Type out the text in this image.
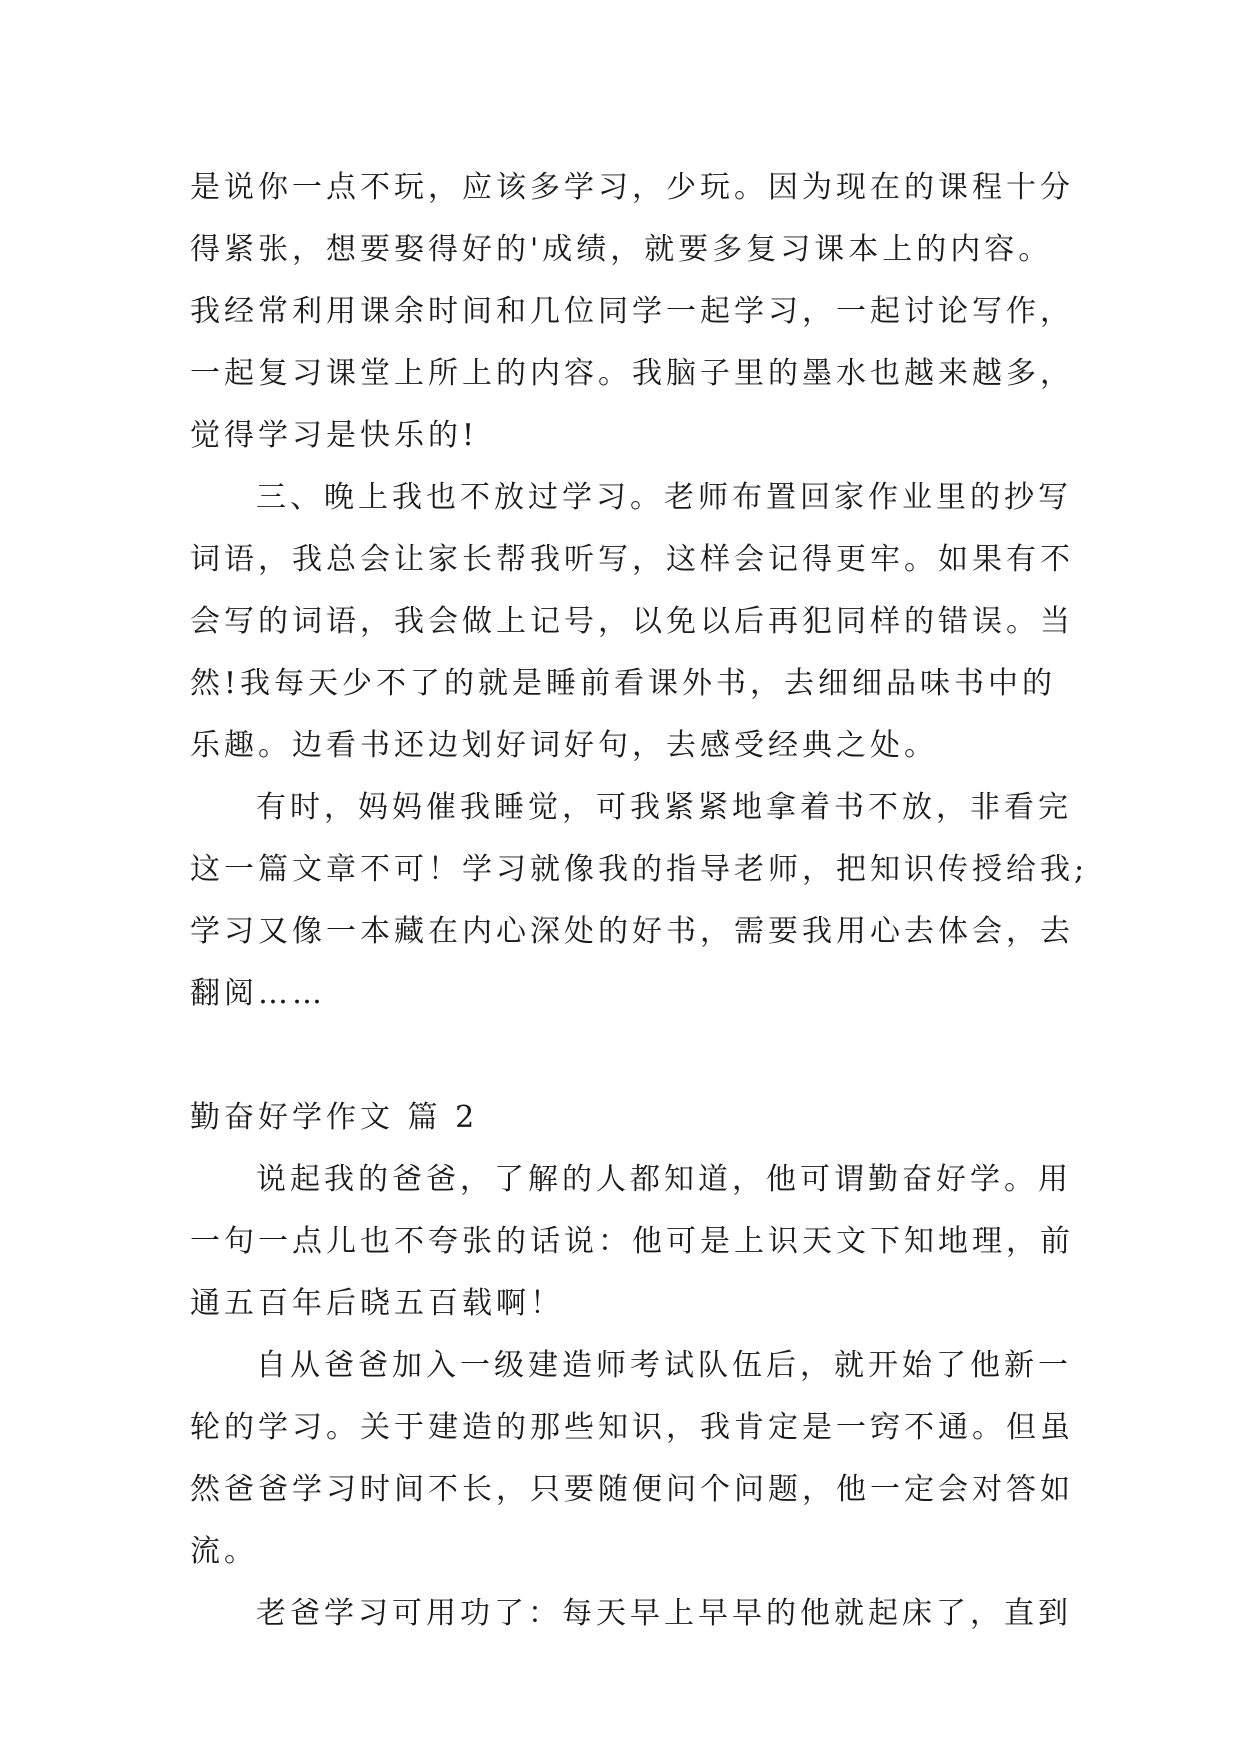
是说你一点不玩，应该多学习，少玩。因为现在的课程十分

得紧张，想要娶得好的'成绩，就要多复习课本上的内容。

我经常利用课余时间和几位同学一起学习，一起讨论写作，

一起复习课堂上所上的内容。我脑子里的墨水也越来越多，

觉得学习是快乐的!

三、晚上我也不放过学习。老师布置回家作业里的抄写

词语，我总会让家长帮我听写，这样会记得更牢。如果有不

会写的词语，我会做上记号，以免以后再犯同样的错误。当

然!我每天少不了的就是睡前看课外书，去细细品味书中的

乐趣。边看书还边划好词好句，去感受经典之处。

有时，妈妈催我睡觉，可我紧紧地拿着书不放，非看完

这一篇文章不可！学习就像我的指导老师，把知识传授给我;

学习又像一本藏在内心深处的好书，需要我用心去体会，去

翻阅……

勤奋好学作文 篇 2

说起我的爸爸，了解的人都知道，他可谓勤奋好学。用

一句一点儿也不夸张的话说：他可是上识天文下知地理，前

通五百年后晓五百载啊！

自从爸爸加入一级建造师考试队伍后，就开始了他新一

轮的学习。关于建造的那些知识，我肯定是一窍不通。但虽

然爸爸学习时间不长，只要随便问个问题，他一定会对答如

流。

老爸学习可用功了：每天早上早早的他就起床了，直到
